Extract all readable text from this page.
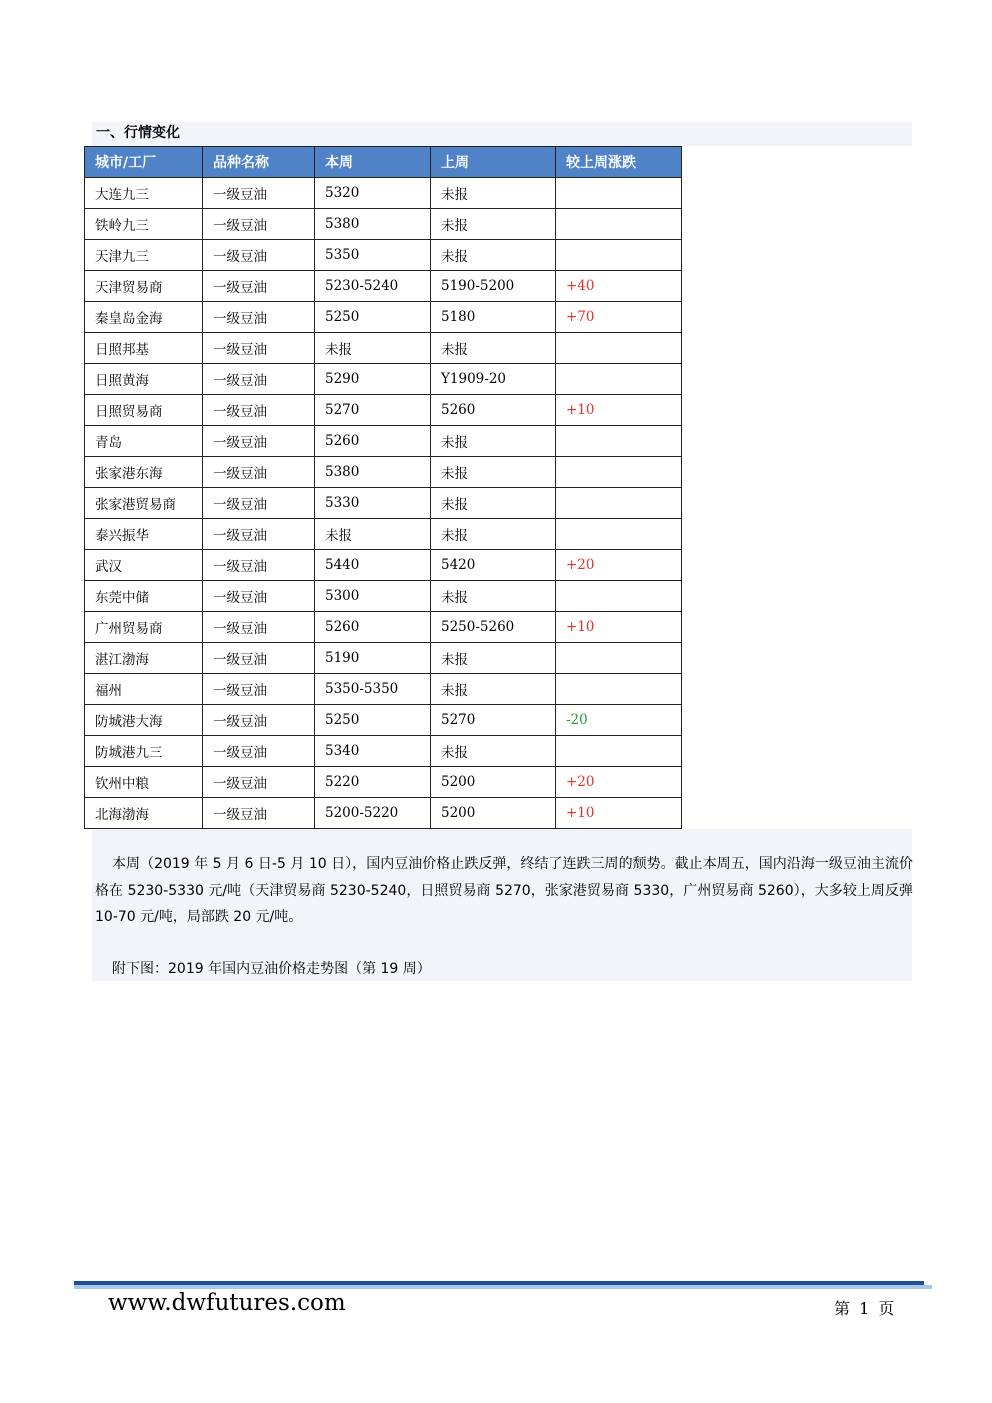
一、行情变化
城市/工厂	品种名称	本周	上周	较上周涨跌
大连九三	一级豆油	5320	未报	
铁岭九三	一级豆油	5380	未报	
天津九三	一级豆油	5350	未报	
天津贸易商	一级豆油	5230-5240	5190-5200	+40
秦皇岛金海	一级豆油	5250	5180	+70
日照邦基	一级豆油	未报	未报	
日照黄海	一级豆油	5290	Y1909-20	
日照贸易商	一级豆油	5270	5260	+10
青岛	一级豆油	5260	未报	
张家港东海	一级豆油	5380	未报	
张家港贸易商	一级豆油	5330	未报	
泰兴振华	一级豆油	未报	未报	
武汉	一级豆油	5440	5420	+20
东莞中储	一级豆油	5300	未报	
广州贸易商	一级豆油	5260	5250-5260	+10
湛江渤海	一级豆油	5190	未报	
福州	一级豆油	5350-5350	未报	
防城港大海	一级豆油	5250	5270	-20
防城港九三	一级豆油	5340	未报	
钦州中粮	一级豆油	5220	5200	+20
北海渤海	一级豆油	5200-5220	5200	+10

本周（2019 年 5 月 6 日-5 月 10 日），国内豆油价格止跌反弹，终结了连跌三周的颓势。截止本周五，国内沿海一级豆油主流价格在 5230-5330 元/吨（天津贸易商 5230-5240，日照贸易商 5270，张家港贸易商 5330，广州贸易商 5260），大多较上周反弹 10-70 元/吨，局部跌 20 元/吨。

附下图：2019 年国内豆油价格走势图（第 19 周）

www.dwfutures.com	第 1 页
